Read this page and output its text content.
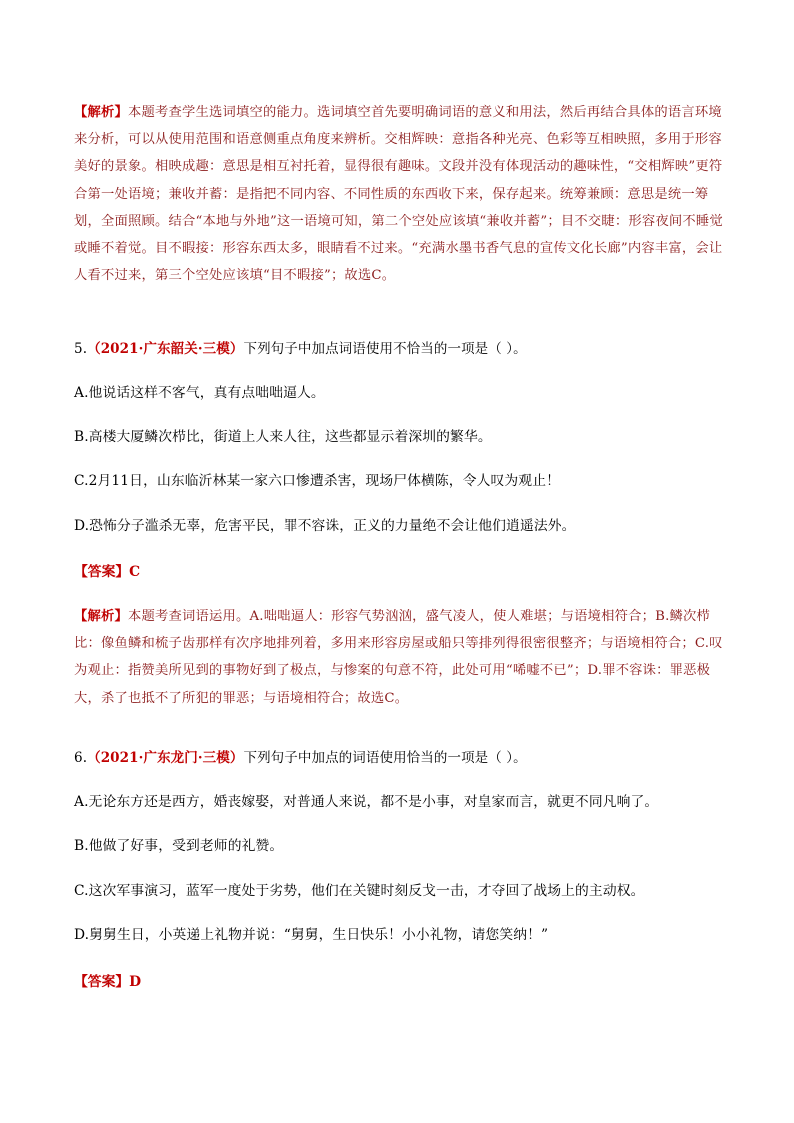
【解析】本题考查学生选词填空的能力。选词填空首先要明确词语的意义和用法，然后再结合具体的语言环境来分析，可以从使用范围和语意侧重点角度来辨析。交相辉映：意指各种光亮、色彩等互相映照，多用于形容美好的景象。相映成趣：意思是相互衬托着，显得很有趣味。文段并没有体现活动的趣味性，“交相辉映”更符合第一处语境；兼收并蓄：是指把不同内容、不同性质的东西收下来，保存起来。统筹兼顾：意思是统一筹划，全面照顾。结合“本地与外地”这一语境可知，第二个空处应该填“兼收并蓄”；目不交睫：形容夜间不睡觉或睡不着觉。目不暇接：形容东西太多，眼睛看不过来。“充满水墨书香气息的宣传文化长廊”内容丰富，会让人看不过来，第三个空处应该填“目不暇接”；故选C。
5.（2021·广东韶关·三模）下列句子中加点词语使用不恰当的一项是（ ）。
A.他说话这样不客气，真有点咄咄逼人。
B.高楼大厦鳞次栉比，街道上人来人往，这些都显示着深圳的繁华。
C.2月11日，山东临沂林某一家六口惨遭杀害，现场尸体横陈，令人叹为观止！
D.恐怖分子滥杀无辜，危害平民，罪不容诛，正义的力量绝不会让他们逍遥法外。
【答案】C
【解析】本题考查词语运用。A.咄咄逼人：形容气势汹汹，盛气凌人，使人难堪；与语境相符合；B.鳞次栉比：像鱼鳞和梳子齿那样有次序地排列着，多用来形容房屋或船只等排列得很密很整齐；与语境相符合；C.叹为观止：指赞美所见到的事物好到了极点，与惨案的句意不符，此处可用“唏嘘不已”；D.罪不容诛：罪恶极大，杀了也抵不了所犯的罪恶；与语境相符合；故选C。
6.（2021·广东龙门·三模）下列句子中加点的词语使用恰当的一项是（ ）。
A.无论东方还是西方，婚丧嫁娶，对普通人来说，都不是小事，对皇家而言，就更不同凡响了。
B.他做了好事，受到老师的礼赞。
C.这次军事演习，蓝军一度处于劣势，他们在关键时刻反戈一击，才夺回了战场上的主动权。
D.舅舅生日，小英递上礼物并说：“舅舅，生日快乐！小小礼物，请您笑纳！”
【答案】D
